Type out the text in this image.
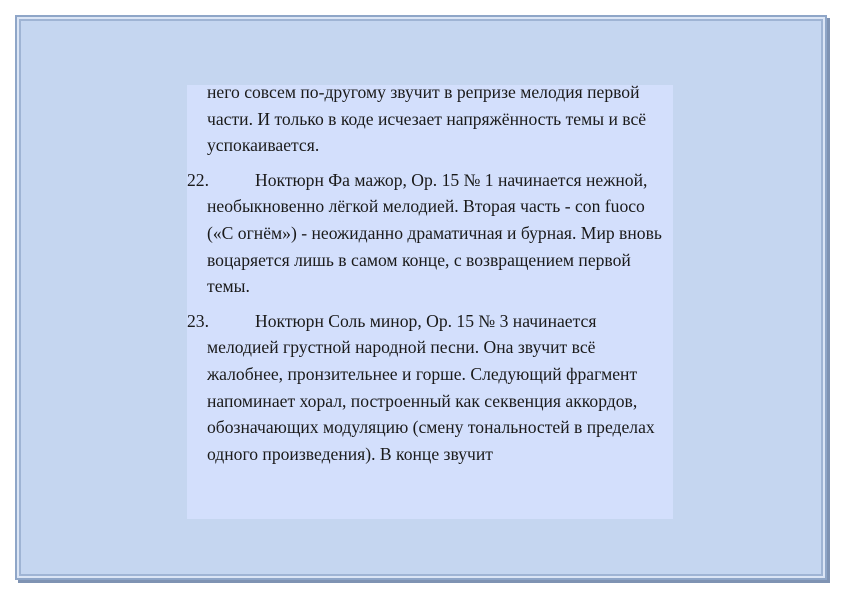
него совсем по-другому звучит в репризе мелодия первой части. И только в коде исчезает напряжённость темы и всё успокаивается.

22.	Ноктюрн Фа мажор, Ор. 15 № 1 начинается нежной, необыкновенно лёгкой мелодией. Вторая часть - con fuoco («С огнём») - неожиданно драматичная и бурная. Мир вновь воцаряется лишь в самом конце, с возвращением первой темы.

23.	Ноктюрн Соль минор, Ор. 15 № 3 начинается мелодией грустной народной песни. Она звучит всё жалобнее, пронзительнее и горше. Следующий фрагмент напоминает хорал, построенный как секвенция аккордов, обозначающих модуляцию (смену тональностей в пределах одного произведения). В конце звучит
